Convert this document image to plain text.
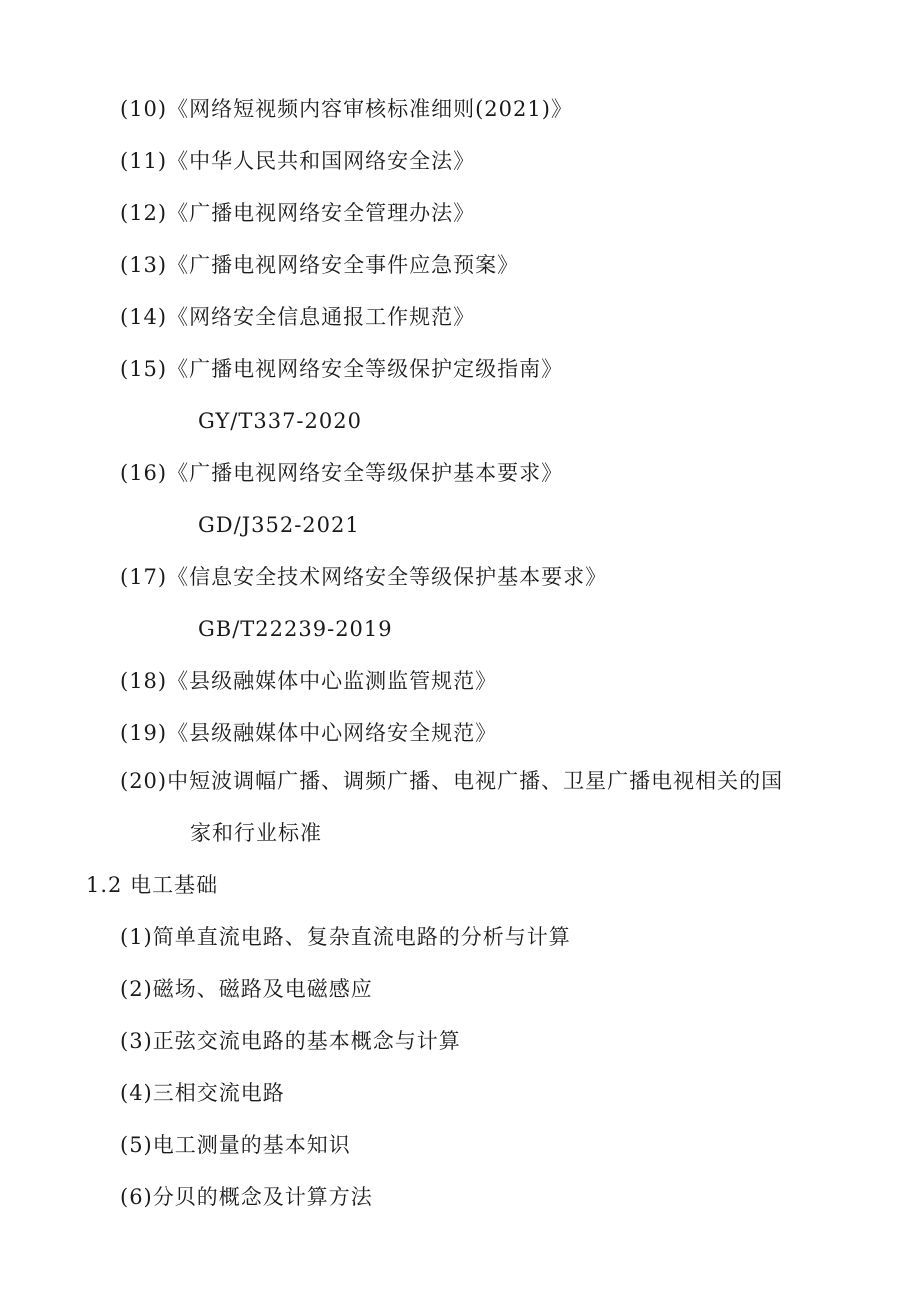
(10)《网络短视频内容审核标准细则(2021)》
(11)《中华人民共和国网络安全法》
(12)《广播电视网络安全管理办法》
(13)《广播电视网络安全事件应急预案》
(14)《网络安全信息通报工作规范》
(15)《广播电视网络安全等级保护定级指南》
GY/T337-2020
(16)《广播电视网络安全等级保护基本要求》
GD/J352-2021
(17)《信息安全技术网络安全等级保护基本要求》
GB/T22239-2019
(18)《县级融媒体中心监测监管规范》
(19)《县级融媒体中心网络安全规范》
(20)中短波调幅广播、调频广播、电视广播、卫星广播电视相关的国
家和行业标准
1.2 电工基础
(1)简单直流电路、复杂直流电路的分析与计算
(2)磁场、磁路及电磁感应
(3)正弦交流电路的基本概念与计算
(4)三相交流电路
(5)电工测量的基本知识
(6)分贝的概念及计算方法
